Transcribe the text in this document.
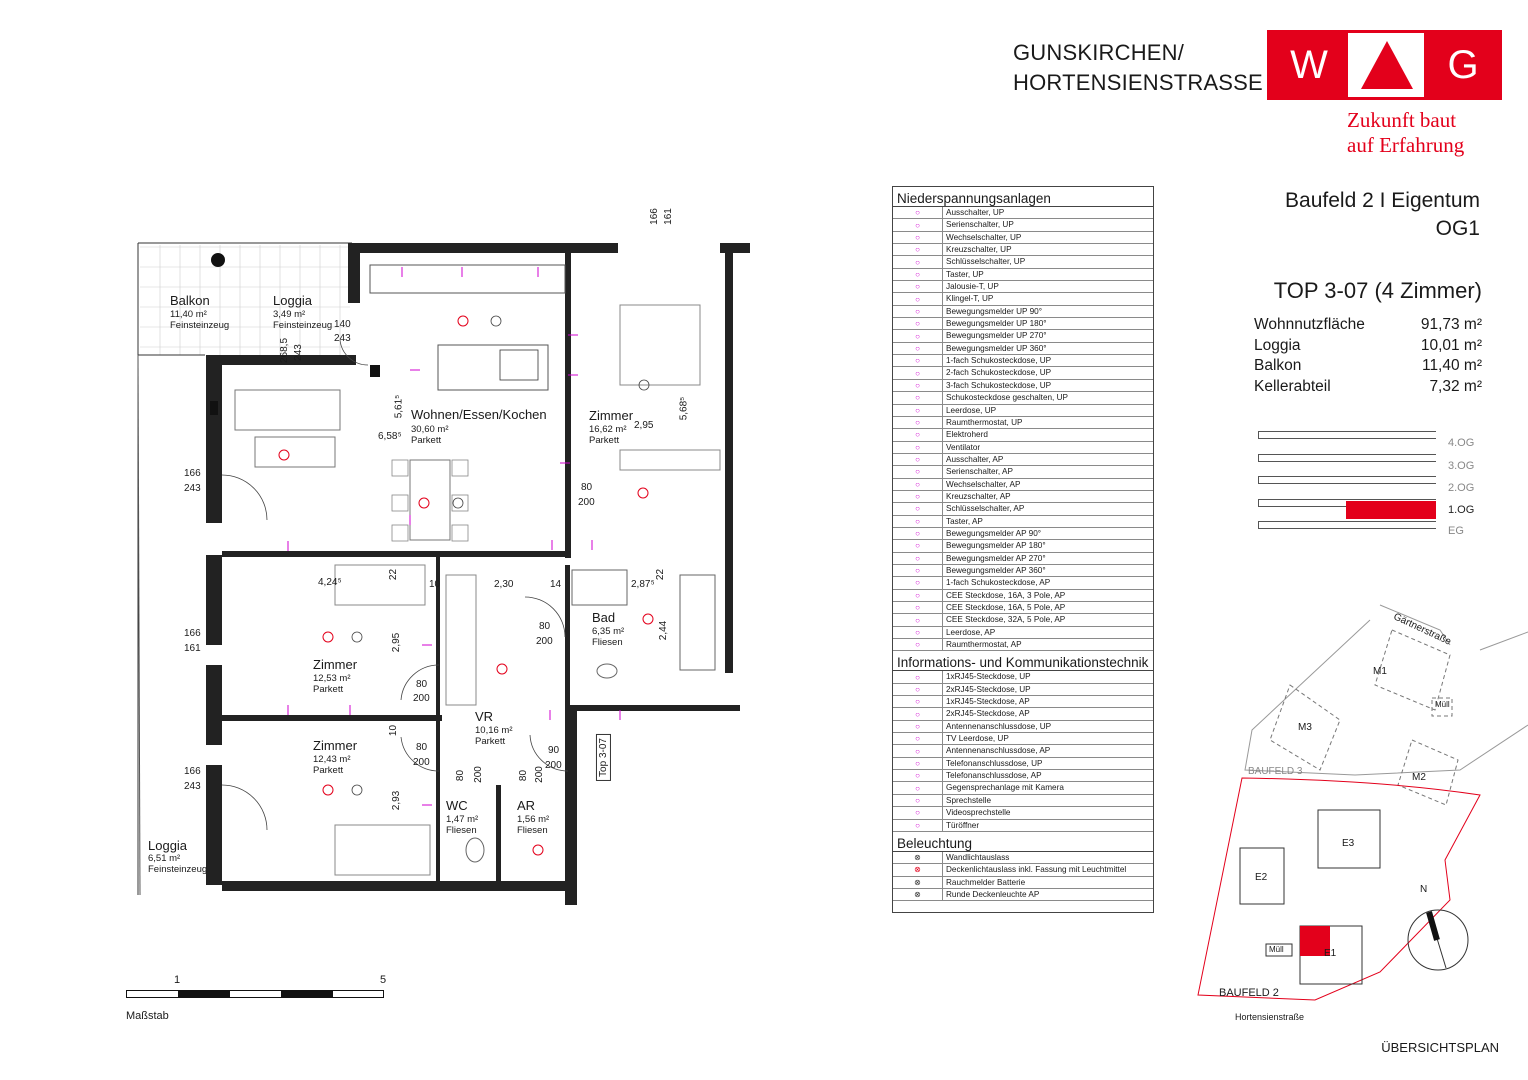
GUNSKIRCHEN/
HORTENSIENSTRASSE W	G
Zukunft baut
auf Erfahrung
Baufeld 2 I Eigentum
OG1
TOP 3-07 (4 Zimmer)
Wohnnutzfläche	91,73 m²
Loggia	10,01 m²
Balkon	11,40 m²
Kellerabteil	7,32 m²
4.OG
3.OG
2.OG
1.OG
EG
Niederspannungsanlagen
○	Ausschalter, UP
○	Serienschalter, UP
○	Wechselschalter, UP
○	Kreuzschalter, UP
○	Schlüsselschalter, UP
○	Taster, UP
○	Jalousie-T, UP
○	Klingel-T, UP
○	Bewegungsmelder UP 90°
○	Bewegungsmelder UP 180°
○	Bewegungsmelder UP 270°
○	Bewegungsmelder UP 360°
○	1-fach Schukosteckdose, UP
○	2-fach Schukosteckdose, UP
○	3-fach Schukosteckdose, UP
○	Schukosteckdose geschalten, UP
○	Leerdose, UP
○	Raumthermostat, UP
○	Elektroherd
○	Ventilator
○	Ausschalter, AP
○	Serienschalter, AP
○	Wechselschalter, AP
○	Kreuzschalter, AP
○	Schlüsselschalter, AP
○	Taster, AP
○	Bewegungsmelder AP 90°
○	Bewegungsmelder AP 180°
○	Bewegungsmelder AP 270°
○	Bewegungsmelder AP 360°
○	1-fach Schukosteckdose, AP
○	CEE Steckdose, 16A, 3 Pole, AP
○	CEE Steckdose, 16A, 5 Pole, AP
○	CEE Steckdose, 32A, 5 Pole, AP
○	Leerdose, AP
○	Raumthermostat, AP
Informations- und Kommunikationstechnik
○	1xRJ45-Steckdose, UP
○	2xRJ45-Steckdose, UP
○	1xRJ45-Steckdose, AP
○	2xRJ45-Steckdose, AP
○	Antennenanschlussdose, UP
○	TV Leerdose, UP
○	Antennenanschlussdose, AP
○	Telefonanschlussdose, UP
○	Telefonanschlussdose, AP
○	Gegensprechanlage mit Kamera
○	Sprechstelle
○	Videosprechstelle
○	Türöffner
Beleuchtung
⊗	Wandlichtauslass
⊗	Deckenlichtauslass inkl. Fassung mit Leuchtmittel
⊗	Rauchmelder Batterie
⊗	Runde Deckenleuchte AP
Balkon
11,40 m²
Feinsteinzeug
Loggia
3,49 m²
Feinsteinzeug
Wohnen/Essen/Kochen
30,60 m²
Parkett
Zimmer
16,62 m²
Parkett
Zimmer
12,53 m²
Parkett
Zimmer
12,43 m²
Parkett
Bad
6,35 m²
Fliesen
VR
10,16 m²
Parkett
WC
1,47 m²
Fliesen
AR
1,56 m²
Fliesen
Loggia
6,51 m²
Feinsteinzeug
166 161
140
243
268,5 243
5,61⁵
6,58⁵
5,68⁵
2,95
80
200
166
243
166
161
166
243
4,24⁵
22
10	2,30	14	2,87⁵
22
2,44
2,95
2,93
10
80
200
80
200
80
200
90
200
80 200	80 200	Top 3-07
1	5
Maßstab
Gärtnerstraße
M1
M2
M3
E1
E2
E3
Müll
Müll
BAUFELD 3
BAUFELD 2
N
Hortensienstraße
ÜBERSICHTSPLAN
